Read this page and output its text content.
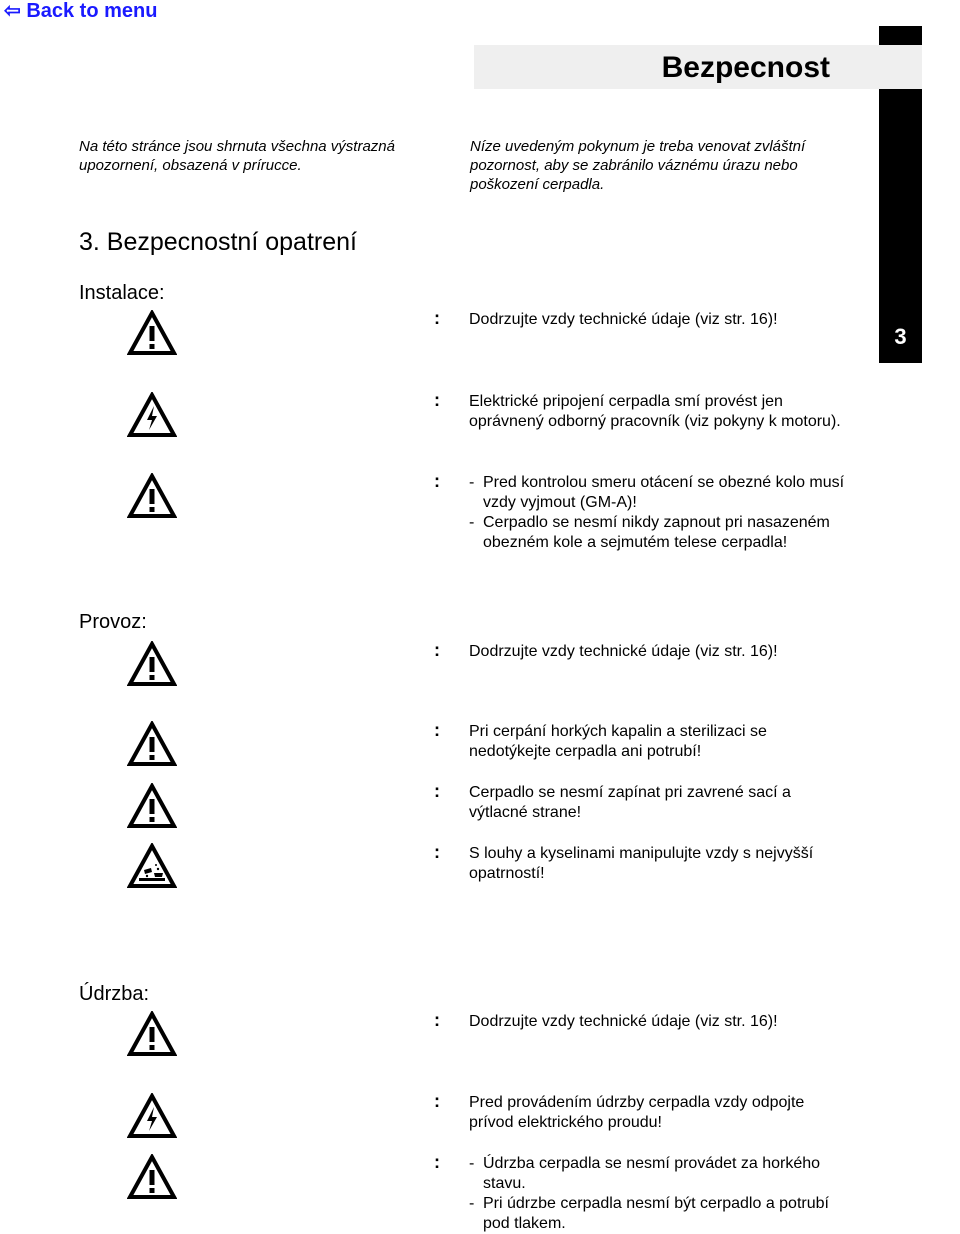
⇦ Back to menu
Bezpecnost
3
Na této stránce jsou shrnuta všechna výstrazná upozornení, obsazená v prírucce.
Níze uvedeným pokynum je treba venovat zvláštní pozornost, aby se zabránilo váznému úrazu nebo poškození cerpadla.
3. Bezpecnostní opatrení
Instalace:
: Dodrzujte vzdy technické údaje (viz str. 16)!
: Elektrické pripojení cerpadla smí provést jen oprávnený odborný pracovník (viz pokyny k motoru).
:	- Pred kontrolou smeru otácení se obezné kolo musí vzdy vyjmout (GM-A)!
- Cerpadlo se nesmí nikdy zapnout pri nasazeném obezném kole a sejmutém telese cerpadla!
Provoz:
: Dodrzujte vzdy technické údaje (viz str. 16)!
: Pri cerpání horkých kapalin a sterilizaci se nedotýkejte cerpadla ani potrubí!
: Cerpadlo se nesmí zapínat pri zavrené sací a výtlacné strane!
: S louhy a kyselinami manipulujte vzdy s nejvyšší opatrností!
Údrzba:
: Dodrzujte vzdy technické údaje (viz str. 16)!
: Pred provádením údrzby cerpadla vzdy odpojte prívod elektrického proudu!
:	- Údrzba cerpadla se nesmí provádet za horkého stavu.
- Pri údrzbe cerpadla nesmí být cerpadlo a potrubí pod tlakem.
